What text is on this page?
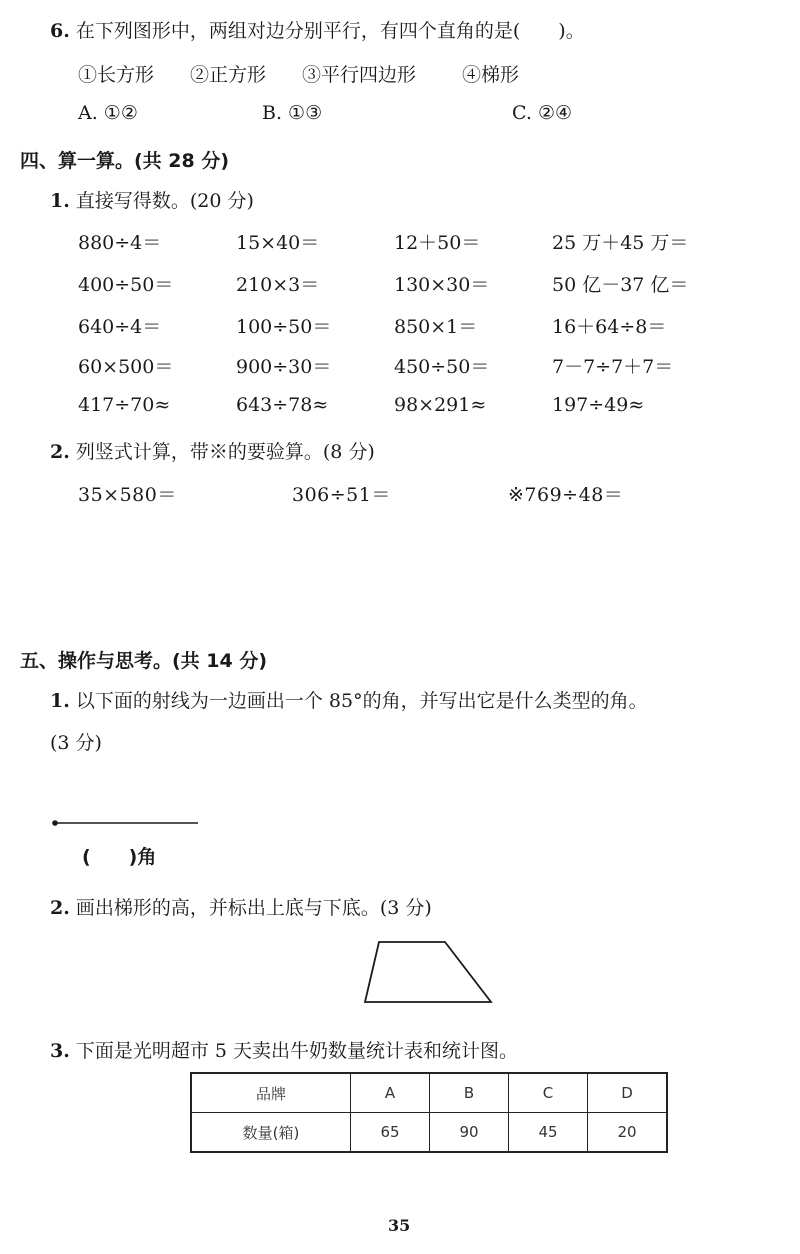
6. 在下列图形中，两组对边分别平行，有四个直角的是(　　)。
①长方形 ②正方形 ③平行四边形 ④梯形
A. ①②	B. ①③	C. ②④
四、算一算。(共 28 分)
1. 直接写得数。(20 分)
880÷4＝	15×40＝	12＋50＝	25 万＋45 万＝
400÷50＝	210×3＝	130×30＝	50 亿－37 亿＝
640÷4＝	100÷50＝	850×1＝	16＋64÷8＝
60×500＝	900÷30＝	450÷50＝	7－7÷7＋7＝
417÷70≈	643÷78≈	98×291≈	197÷49≈
2. 列竖式计算，带※的要验算。(8 分)
35×580＝	306÷51＝	※769÷48＝
五、操作与思考。(共 14 分)
1. 以下面的射线为一边画出一个 85°的角，并写出它是什么类型的角。
(3 分)
(　　)角
2. 画出梯形的高，并标出上底与下底。(3 分)
3. 下面是光明超市 5 天卖出牛奶数量统计表和统计图。
品牌	A	B	C	D
数量(箱)	65	90	45	20
35
